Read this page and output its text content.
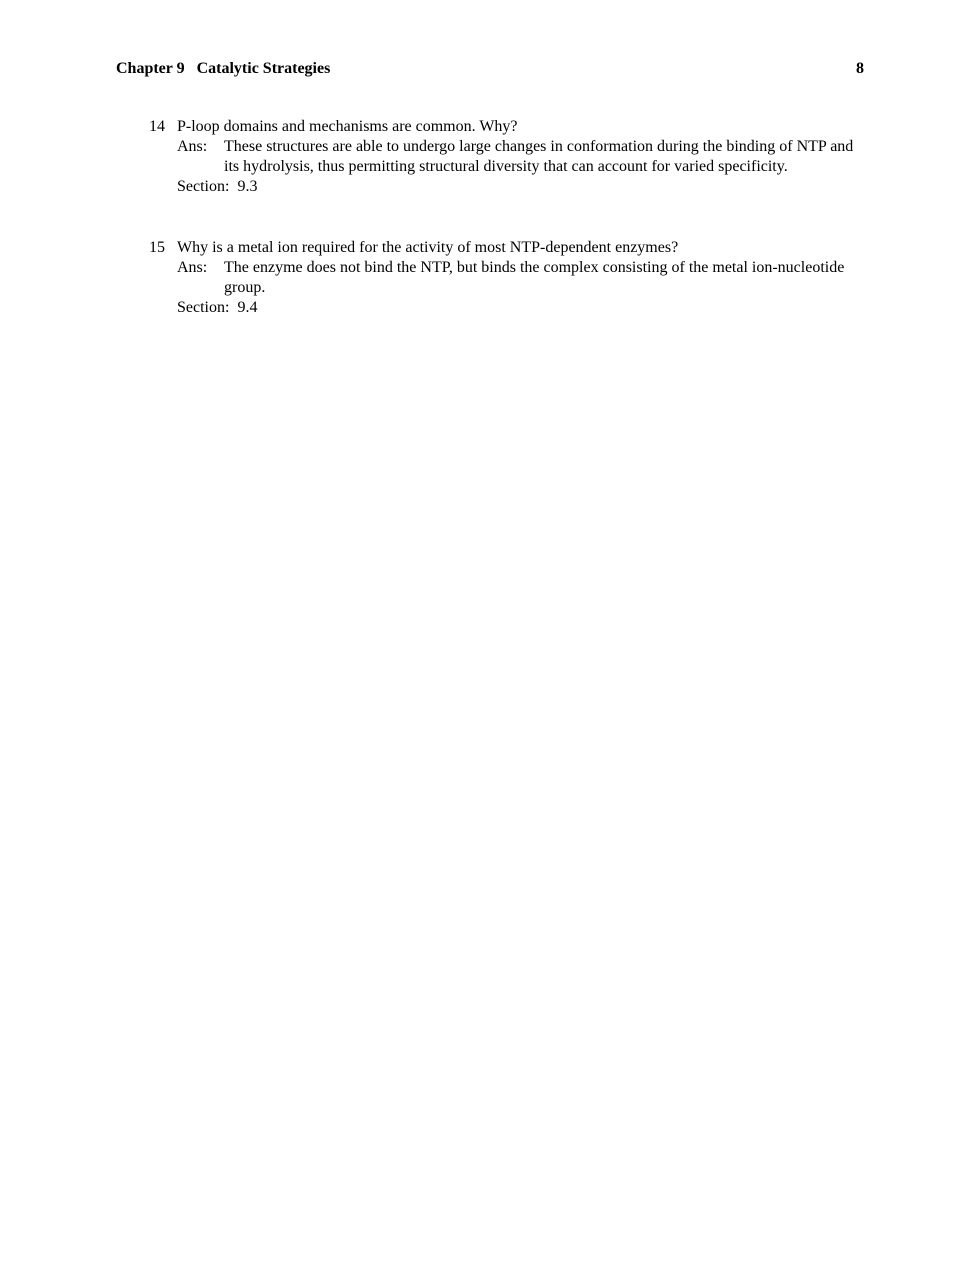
Chapter 9   Catalytic Strategies	8
14 P-loop domains and mechanisms are common. Why?
Ans: These structures are able to undergo large changes in conformation during the binding of NTP and its hydrolysis, thus permitting structural diversity that can account for varied specificity.
Section:  9.3
15 Why is a metal ion required for the activity of most NTP-dependent enzymes?
Ans: The enzyme does not bind the NTP, but binds the complex consisting of the metal ion-nucleotide group.
Section:  9.4
